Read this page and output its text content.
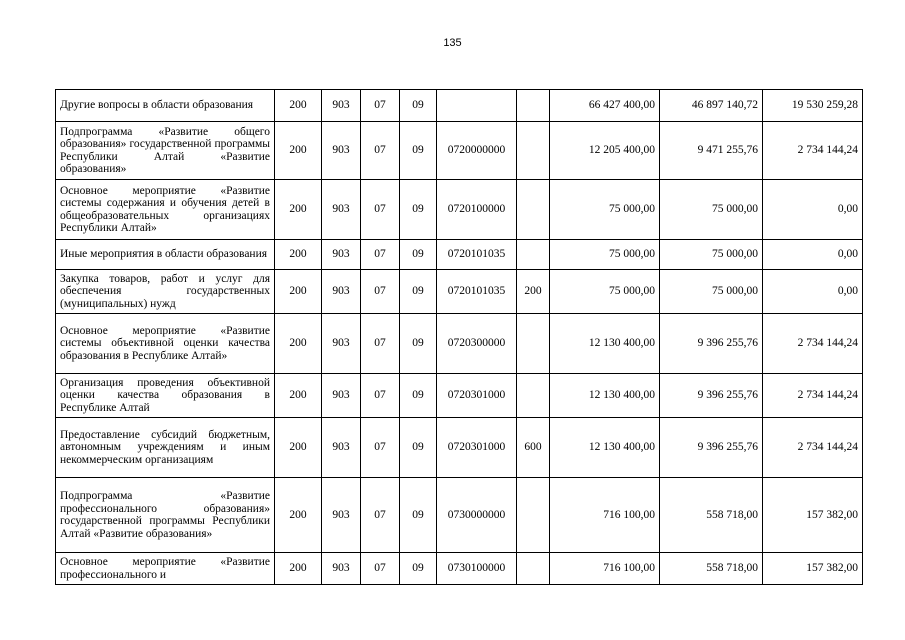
135
Другие вопросы в области образования	200	903	07	09			66 427 400,00	46 897 140,72	19 530 259,28
Подпрограмма «Развитие общего образования» государственной программы Республики Алтай «Развитие образования»	200	903	07	09	0720000000		12 205 400,00	9 471 255,76	2 734 144,24
Основное мероприятие «Развитие системы содержания и обучения детей в общеобразовательных организациях Республики Алтай»	200	903	07	09	0720100000		75 000,00	75 000,00	0,00
Иные мероприятия в области образования	200	903	07	09	0720101035		75 000,00	75 000,00	0,00
Закупка товаров, работ и услуг для обеспечения государственных (муниципальных) нужд	200	903	07	09	0720101035	200	75 000,00	75 000,00	0,00
Основное мероприятие «Развитие системы объективной оценки качества образования в Республике Алтай»	200	903	07	09	0720300000		12 130 400,00	9 396 255,76	2 734 144,24
Организация проведения объективной оценки качества образования в Республике Алтай	200	903	07	09	0720301000		12 130 400,00	9 396 255,76	2 734 144,24
Предоставление субсидий бюджетным, автономным учреждениям и иным некоммерческим организациям	200	903	07	09	0720301000	600	12 130 400,00	9 396 255,76	2 734 144,24
Подпрограмма «Развитие профессионального образования» государственной программы Республики Алтай «Развитие образования»	200	903	07	09	0730000000		716 100,00	558 718,00	157 382,00
Основное мероприятие «Развитие профессионального и	200	903	07	09	0730100000		716 100,00	558 718,00	157 382,00
